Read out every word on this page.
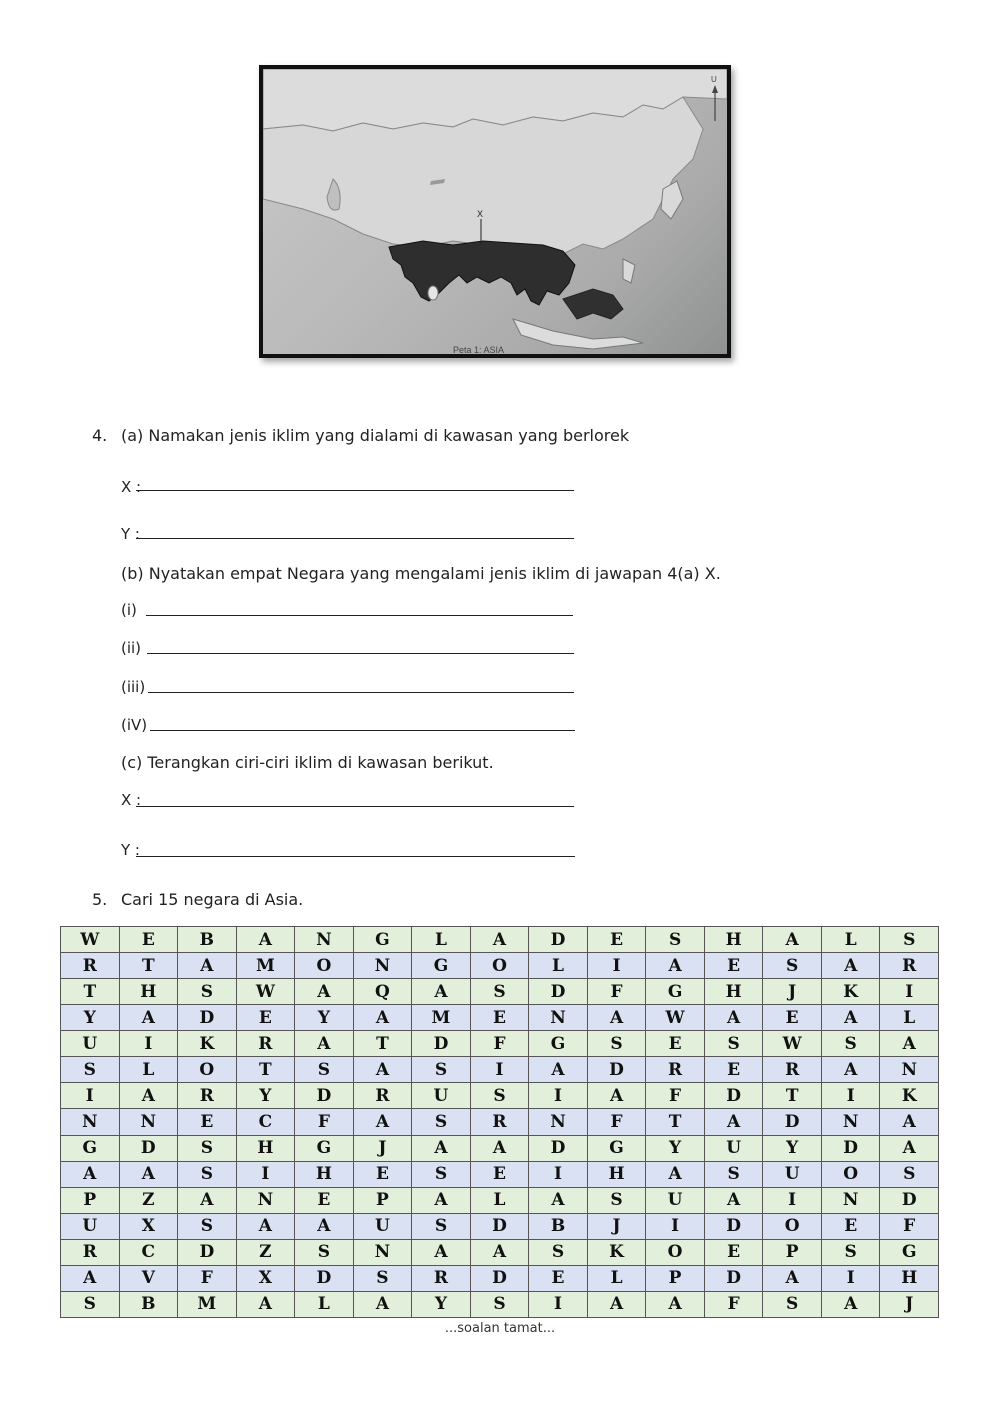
X
U
Peta 1: ASIA
4. (a) Namakan jenis iklim yang dialami di kawasan yang berlorek
X :
Y :
(b) Nyatakan empat Negara yang mengalami jenis iklim di jawapan 4(a) X.
(i)
(ii)
(iii)
(iV)
(c) Terangkan ciri-ciri iklim di kawasan berikut.
X :
Y :
5. Cari 15 negara di Asia.
W	E	B	A	N	G	L	A	D	E	S	H	A	L	S
R	T	A	M	O	N	G	O	L	I	A	E	S	A	R
T	H	S	W	A	Q	A	S	D	F	G	H	J	K	I
Y	A	D	E	Y	A	M	E	N	A	W	A	E	A	L
U	I	K	R	A	T	D	F	G	S	E	S	W	S	A
S	L	O	T	S	A	S	I	A	D	R	E	R	A	N
I	A	R	Y	D	R	U	S	I	A	F	D	T	I	K
N	N	E	C	F	A	S	R	N	F	T	A	D	N	A
G	D	S	H	G	J	A	A	D	G	Y	U	Y	D	A
A	A	S	I	H	E	S	E	I	H	A	S	U	O	S
P	Z	A	N	E	P	A	L	A	S	U	A	I	N	D
U	X	S	A	A	U	S	D	B	J	I	D	O	E	F
R	C	D	Z	S	N	A	A	S	K	O	E	P	S	G
A	V	F	X	D	S	R	D	E	L	P	D	A	I	H
S	B	M	A	L	A	Y	S	I	A	A	F	S	A	J
...soalan tamat...
